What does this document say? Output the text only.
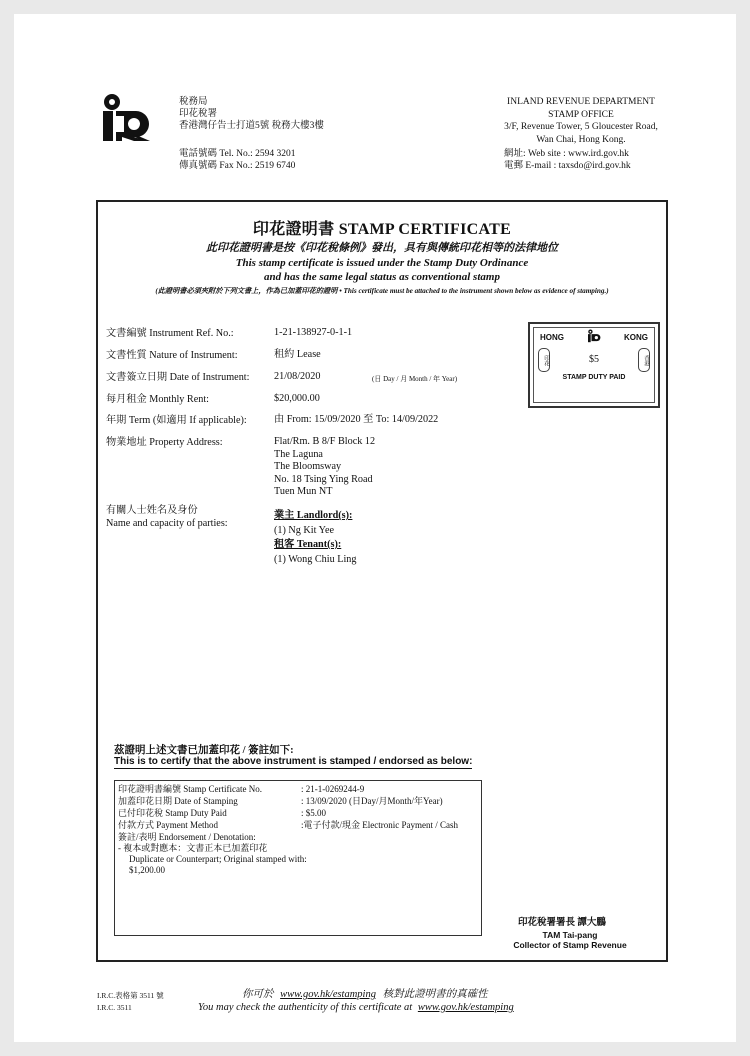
稅務局
印花稅署
香港灣仔告士打道5號 稅務大樓3樓
電話號碼 Tel. No.: 2594 3201
傳真號碼 Fax No.: 2519 6740
INLAND REVENUE DEPARTMENT
STAMP OFFICE
3/F, Revenue Tower, 5 Gloucester Road,
Wan Chai, Hong Kong.
網址: Web site : www.ird.gov.hk
電郵 E-mail : taxsdo@ird.gov.hk
印花證明書 STAMP CERTIFICATE
此印花證明書是按《印花稅條例》發出，具有與傳統印花相等的法律地位
This stamp certificate is issued under the Stamp Duty Ordinance
and has the same legal status as conventional stamp
(此證明書必須夾附於下列文書上，作為已加蓋印花的證明 • This certificate must be attached to the instrument shown below as evidence of stamping.)
文書編號 Instrument Ref. No.:	1-21-138927-0-1-1
文書性質 Nature of Instrument:	租約 Lease
文書簽立日期 Date of Instrument: 21/08/2020	(日 Day / 月 Month / 年 Year)
每月租金 Monthly Rent:	$20,000.00
年期 Term (如適用 If applicable):	由 From: 15/09/2020 至 To: 14/09/2022
物業地址 Property Address:	Flat/Rm. B 8/F Block 12
The Laguna
The Bloomsway
No. 18 Tsing Ying Road
Tuen Mun NT
有關人士姓名及身份
Name and capacity of parties:
業主 Landlord(s):
(1) Ng Kit Yee
租客 Tenant(s):
(1) Wong Chiu Ling
HONG	KONG
印花	香港
$5
STAMP DUTY PAID
茲證明上述文書已加蓋印花 / 簽註如下:
This is to certify that the above instrument is stamped / endorsed as below:
印花證明書編號 Stamp Certificate No.	: 21-1-0269244-9
加蓋印花日期 Date of Stamping	: 13/09/2020 (日Day/月Month/年Year)
已付印花稅 Stamp Duty Paid	: $5.00
付款方式 Payment Method	:電子付款/現金 Electronic Payment / Cash
簽註/表明 Endorsement / Denotation:
- 複本或對應本：文書正本已加蓋印花
Duplicate or Counterpart; Original stamped with:
$1,200.00
印花稅署署長 譚大鵬
TAM Tai-pang
Collector of Stamp Revenue
I.R.C.表格第 3511 號
I.R.C. 3511
你可於 www.gov.hk/estamping 核對此證明書的真確性
You may check the authenticity of this certificate at www.gov.hk/estamping
